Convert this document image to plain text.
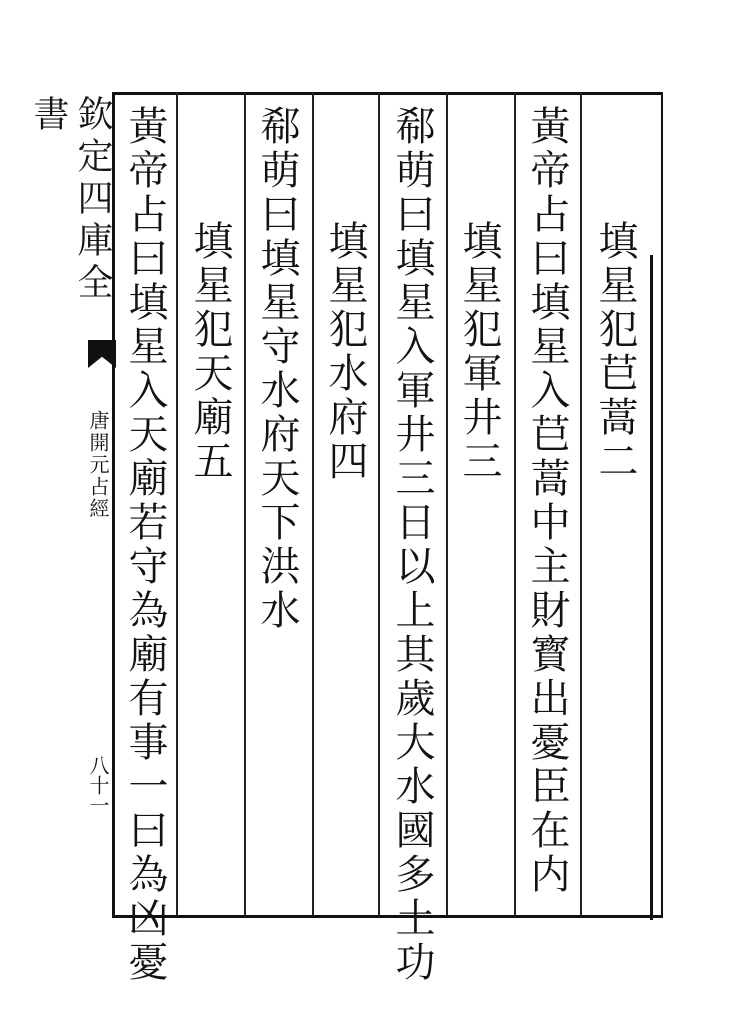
欽定四庫全書
唐開元占經
八十一
填星犯𦬊蒿二
黃帝占曰填星入𦬊蒿中主財寳出憂臣在内
填星犯軍井三
郗萌曰填星入軍井三日以上其歲大水國多土功
填星犯水府四
郗萌曰填星守水府天下洪水
填星犯天廟五
黃帝占曰填星入天廟若守為廟有事一曰為凶憂
